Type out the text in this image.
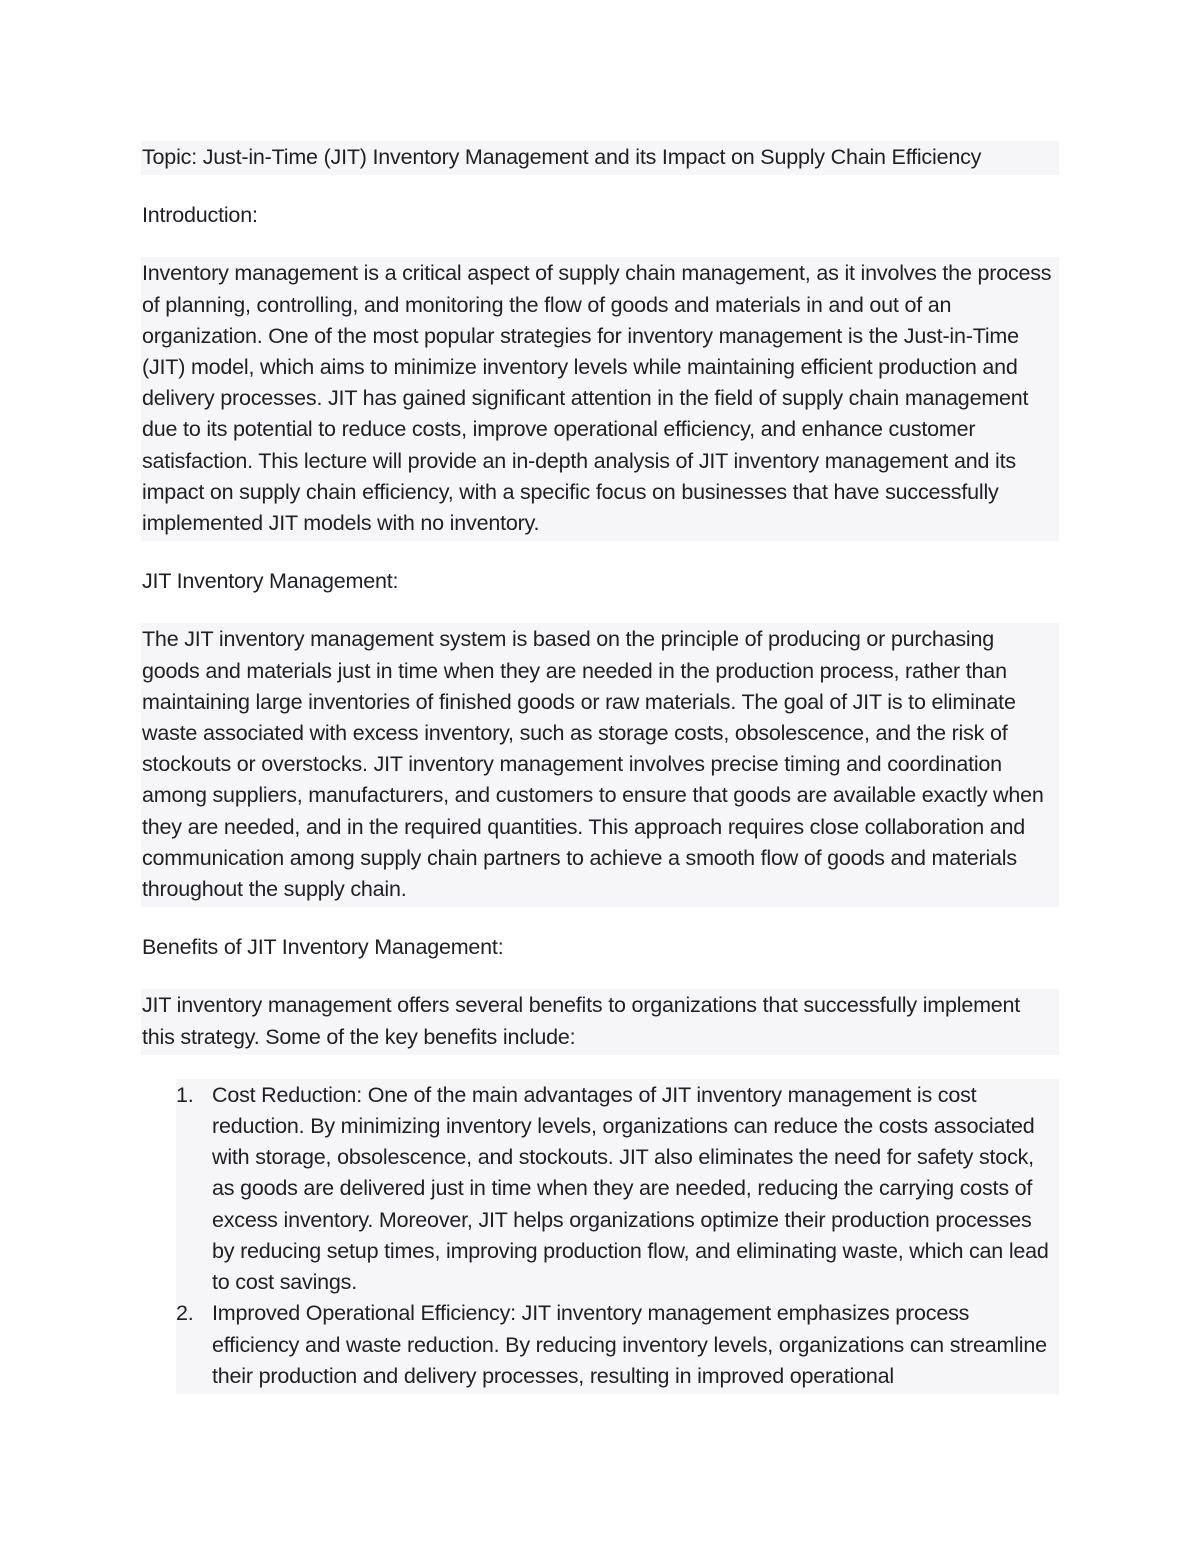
Topic: Just-in-Time (JIT) Inventory Management and its Impact on Supply Chain Efficiency

Introduction:

Inventory management is a critical aspect of supply chain management, as it involves the process of planning, controlling, and monitoring the flow of goods and materials in and out of an organization. One of the most popular strategies for inventory management is the Just-in-Time (JIT) model, which aims to minimize inventory levels while maintaining efficient production and delivery processes. JIT has gained significant attention in the field of supply chain management due to its potential to reduce costs, improve operational efficiency, and enhance customer satisfaction. This lecture will provide an in-depth analysis of JIT inventory management and its impact on supply chain efficiency, with a specific focus on businesses that have successfully implemented JIT models with no inventory.

JIT Inventory Management:

The JIT inventory management system is based on the principle of producing or purchasing goods and materials just in time when they are needed in the production process, rather than maintaining large inventories of finished goods or raw materials. The goal of JIT is to eliminate waste associated with excess inventory, such as storage costs, obsolescence, and the risk of stockouts or overstocks. JIT inventory management involves precise timing and coordination among suppliers, manufacturers, and customers to ensure that goods are available exactly when they are needed, and in the required quantities. This approach requires close collaboration and communication among supply chain partners to achieve a smooth flow of goods and materials throughout the supply chain.

Benefits of JIT Inventory Management:

JIT inventory management offers several benefits to organizations that successfully implement this strategy. Some of the key benefits include:

1. Cost Reduction: One of the main advantages of JIT inventory management is cost reduction. By minimizing inventory levels, organizations can reduce the costs associated with storage, obsolescence, and stockouts. JIT also eliminates the need for safety stock, as goods are delivered just in time when they are needed, reducing the carrying costs of excess inventory. Moreover, JIT helps organizations optimize their production processes by reducing setup times, improving production flow, and eliminating waste, which can lead to cost savings.
2. Improved Operational Efficiency: JIT inventory management emphasizes process efficiency and waste reduction. By reducing inventory levels, organizations can streamline their production and delivery processes, resulting in improved operational
